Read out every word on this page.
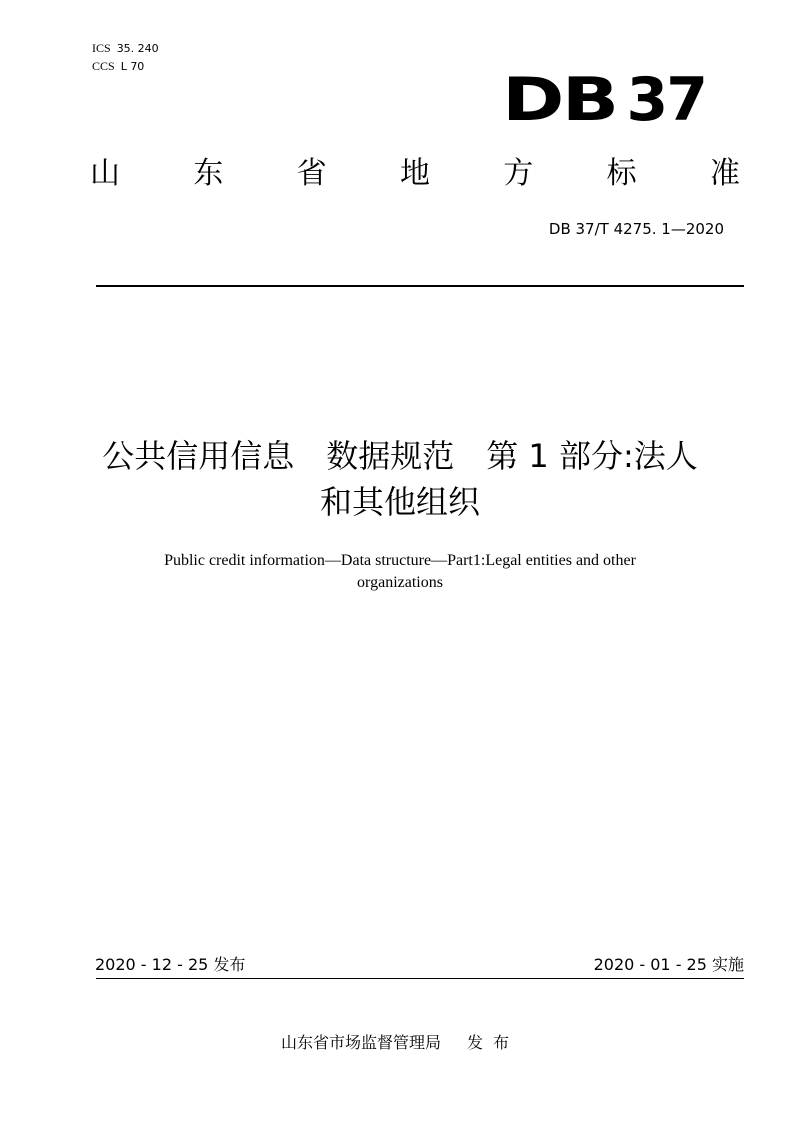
ICS 35. 240
CCS L 70	DB 37
山 东 省 地 方 标 准
DB 37/T 4275. 1—2020
公共信用信息　数据规范　第 1 部分:法人
和其他组织
Public credit information—Data structure—Part1:Legal entities and other
organizations
2020 - 12 - 25 发布	2020 - 01 - 25 实施
山东省市场监督管理局 发布
